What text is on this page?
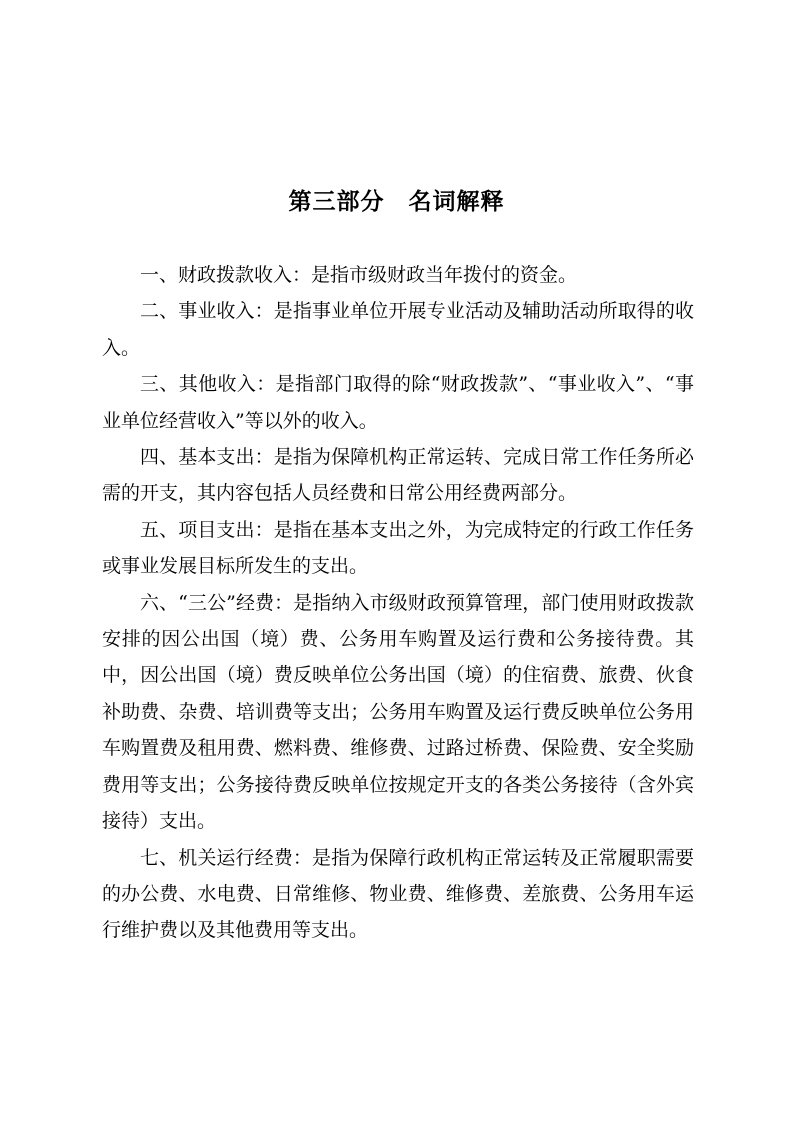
第三部分　名词解释

一、财政拨款收入：是指市级财政当年拨付的资金。

二、事业收入：是指事业单位开展专业活动及辅助活动所取得的收入。

三、其他收入：是指部门取得的除“财政拨款”、“事业收入”、“事业单位经营收入”等以外的收入。

四、基本支出：是指为保障机构正常运转、完成日常工作任务所必需的开支，其内容包括人员经费和日常公用经费两部分。

五、项目支出：是指在基本支出之外，为完成特定的行政工作任务或事业发展目标所发生的支出。

六、“三公”经费：是指纳入市级财政预算管理，部门使用财政拨款安排的因公出国（境）费、公务用车购置及运行费和公务接待费。其中，因公出国（境）费反映单位公务出国（境）的住宿费、旅费、伙食补助费、杂费、培训费等支出；公务用车购置及运行费反映单位公务用车购置费及租用费、燃料费、维修费、过路过桥费、保险费、安全奖励费用等支出；公务接待费反映单位按规定开支的各类公务接待（含外宾接待）支出。

七、机关运行经费：是指为保障行政机构正常运转及正常履职需要的办公费、水电费、日常维修、物业费、维修费、差旅费、公务用车运行维护费以及其他费用等支出。
